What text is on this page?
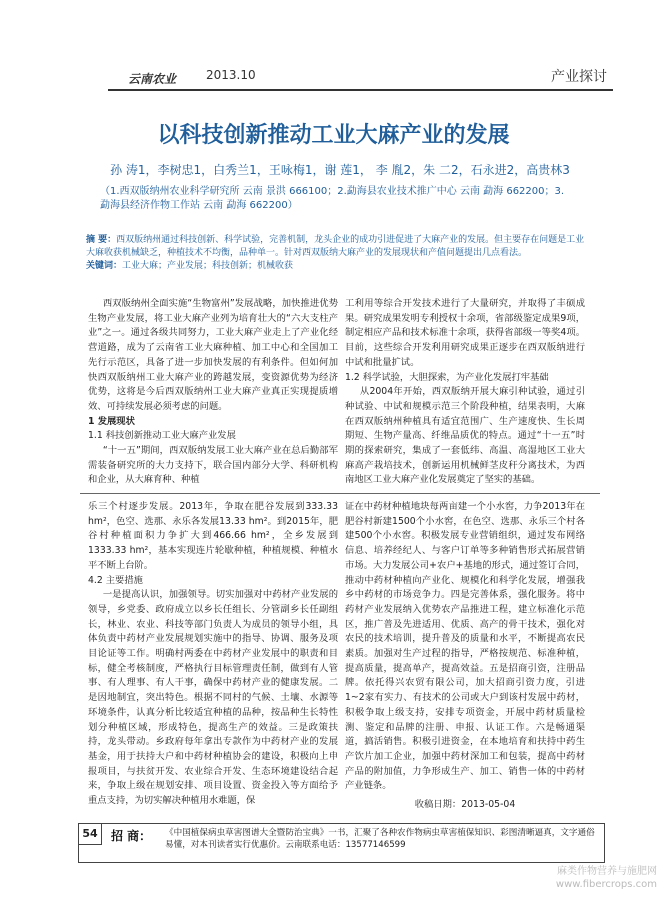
云南农业 2013.10	产业探讨
以科技创新推动工业大麻产业的发展
孙 涛1，李树忠1，白秀兰1，王咏梅1，谢 莲1， 李 胤2，朱 二2，石永进2，高贵林3
（1.西双版纳州农业科学研究所 云南 景洪 666100；2.勐海县农业技术推广中心 云南 勐海 662200；3.勐海县经济作物工作站 云南 勐海 662200）
摘 要：西双版纳州通过科技创新、科学试验，完善机制，龙头企业的成功引进促进了大麻产业的发展。但主要存在问题是工业大麻收获机械缺乏，种植技术不均衡，品种单一。针对西双版纳大麻产业的发展现状和产值问题提出几点看法。
关键词：工业大麻；产业发展；科技创新；机械收获

西双版纳州全面实施“生物富州”发展战略，加快推进优势生物产业发展，将工业大麻产业列为培育壮大的“六大支柱产业”之一。通过各级共同努力，工业大麻产业走上了产业化经营道路，成为了云南省工业大麻种植、加工中心和全国加工先行示范区，具备了进一步加快发展的有利条件。但如何加快西双版纳州工业大麻产业的跨越发展，变资源优势为经济优势，这将是今后西双版纳州工业大麻产业真正实现提质增效、可持续发展必须考虑的问题。

1 发展现状

1.1 科技创新推动工业大麻产业发展

“十一五”期间，西双版纳发展工业大麻产业在总后勤部军需装备研究所的大力支持下，联合国内部分大学、科研机构和企业，从大麻育种、种植

工利用等综合开发技术进行了大量研究，并取得了丰硕成果。研究成果发明专利授权十余项，省部级鉴定成果9项，制定相应产品和技术标准十余项，获得省部级一等奖4项。目前，这些综合开发利用研究成果正逐步在西双版纳进行中试和批量扩试。

1.2 科学试验，大胆探索，为产业化发展打牢基础

从2004年开始，西双版纳开展大麻引种试验，通过引种试验、中试和规模示范三个阶段种植，结果表明，大麻在西双版纳州种植具有适宜范围广、生产速度快、生长周期短、生物产量高、纤维品质优的特点。通过“十一五”时期的探索研究，集成了一套低纬、高温、高湿地区工业大麻高产栽培技术，创新运用机械鲜茎皮秆分离技术，为西南地区工业大麻产业化发展奠定了坚实的基础。

乐三个村逐步发展。2013年，争取在肥谷发展到333.33 hm²，色空、选那、永乐各发展13.33 hm²。到2015年，肥谷村种植面积力争扩大到466.66 hm²，全乡发展到1333.33 hm²，基本实现连片轮歇种植，种植规模、种植水平不断上台阶。

4.2 主要措施

一是提高认识，加强领导。切实加强对中药材产业发展的领导，乡党委、政府成立以乡长任组长、分管副乡长任副组长，林业、农业、科技等部门负责人为成员的领导小组，具体负责中药材产业发展规划实施中的指导、协调、服务及项目论证等工作。明确村两委在中药材产业发展中的职责和目标，健全考核制度，严格执行目标管理责任制，做到有人管事、有人理事、有人干事，确保中药材产业的健康发展。二是因地制宜，突出特色。根据不同村的气候、土壤、水源等环境条件，认真分析比较适宜种植的品种，按品种生长特性划分种植区域，形成特色，提高生产的效益。三是政策扶持，龙头带动。乡政府每年拿出专款作为中药材产业的发展基金，用于扶持大户和中药材种植协会的建设，积极向上申报项目，与扶贫开发、农业综合开发、生态环境建设结合起来，争取上级在规划安排、项目设置、资金投入等方面给予重点支持，为切实解决种植用水难题，保

证在中药材种植地块每两亩建一个小水窖，力争2013年在肥谷村新建1500个小水窖，在色空、选那、永乐三个村各建500个小水窖。积极发展专业营销组织，通过发布网络信息、培养经纪人、与客户订单等多种销售形式拓展营销市场。大力发展公司+农户+基地的形式，通过签订合同，推动中药材种植向产业化、规模化和科学化发展，增强我乡中药材的市场竞争力。四是完善体系，强化服务。将中药材产业发展纳入优势农产品推进工程，建立标准化示范区，推广普及先进适用、优质、高产的骨干技术，强化对农民的技术培训，提升普及的质量和水平，不断提高农民素质。加强对生产过程的指导，严格按规范、标准种植，提高质量，提高单产，提高效益。五是招商引资，注册品牌。依托得兴农贸有限公司，加大招商引资力度，引进1~2家有实力、有技术的公司或大户到该村发展中药材，积极争取上级支持，安排专项资金，开展中药材质量检测、鉴定和品牌的注册、申报、认证工作。六是畅通渠道，搞活销售。积极引进资金，在本地培育和扶持中药生产饮片加工企业，加强中药材深加工和包装，提高中药材产品的附加值，力争形成生产、加工、销售一体的中药材产业链条。

收稿日期：2013-05-04

54	招 商： 《中国植保病虫草害图谱大全暨防治宝典》一书，汇聚了各种农作物病虫草害植保知识、彩图清晰逼真，文字通俗易懂，对本刊读者实行优惠价。云南联系电话：13577146599
麻类作物营养与施肥网
www.fibercrops.com
